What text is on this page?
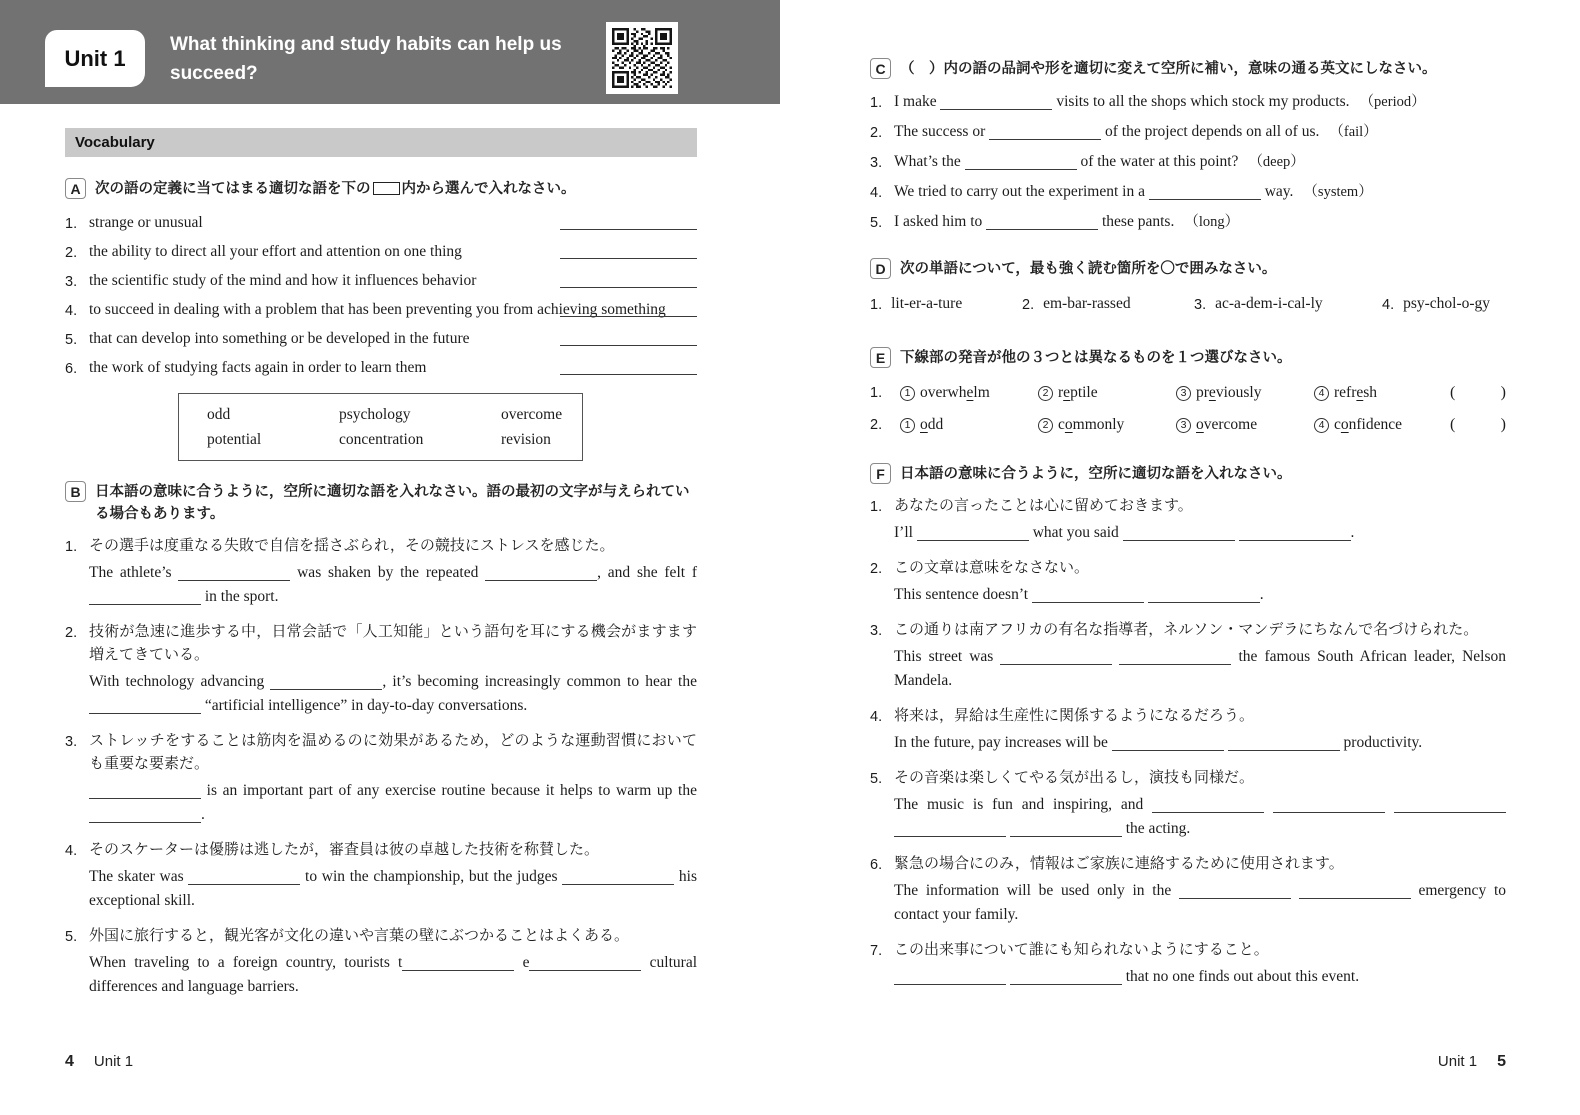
Unit 1
What thinking and study habits can help us succeed?
Vocabulary
A 次の語の定義に当てはまる適切な語を下の 内から選んで入れなさい。
1. strange or unusual

2. the ability to direct all your effort and attention on one thing

3. the scientific study of the mind and how it influences behavior

4. to succeed in dealing with a problem that has been preventing you from achieving something

5. that can develop into something or be developed in the future

6. the work of studying facts again in order to learn them

odd	psychology	overcome
potential	concentration	revision
B 日本語の意味に合うように，空所に適切な語を入れなさい。語の最初の文字が与えられている場合もあります。
1. その選手は度重なる失敗で自信を揺さぶられ，その競技にストレスを感じた。

The athlete’s	was shaken by the repeated	, and she felt f in the sport.

2. 技術が急速に進歩する中，日常会話で「人工知能」という語句を耳にする機会がますます増えてきている。

With technology advancing	, it’s becoming increasingly common to hear the  “artificial intelligence” in day-to-day conversations.

3. ストレッチをすることは筋肉を温めるのに効果があるため，どのような運動習慣においても重要な要素だ。

is an important part of any exercise routine because it helps to warm up the .

4. そのスケーターは優勝は逃したが，審査員は彼の卓越した技術を称賛した。

The skater was	to win the championship, but the judges	his exceptional skill.

5. 外国に旅行すると，観光客が文化の違いや言葉の壁にぶつかることはよくある。

When traveling to a foreign country, tourists t	e	cultural differences and language barriers.

C （　）内の語の品詞や形を適切に変えて空所に補い，意味の通る英文にしなさい。
1. I make	visits to all the shops which stock my products. （period）
2. The success or	of the project depends on all of us. （fail）
3. What’s the	of the water at this point? （deep）
4. We tried to carry out the experiment in a	way. （system）
5. I asked him to	these pants. （long）
D 次の単語について，最も強く読む箇所を〇で囲みなさい。
1. lit-er-a-ture	2. em-bar-rassed	3. ac-a-dem-i-cal-ly	4. psy-chol-o-gy
E	下線部の発音が他の３つとは異なるものを１つ選びなさい。
1.	1 overwhelm	2 reptile	3 previously	4 refresh	(	)
2.	1 odd	2 commonly	3 overcome	4 confidence	(	)
F	日本語の意味に合うように，空所に適切な語を入れなさい。
1. あなたの言ったことは心に留めておきます。

I’ll	what you said	.

2. この文章は意味をなさない。

This sentence doesn’t	.

3. この通りは南アフリカの有名な指導者，ネルソン・マンデラにちなんで名づけられた。

This street was	the famous South African leader, Nelson Mandela.

4. 将来は，昇給は生産性に関係するようになるだろう。

In the future, pay increases will be	productivity.

5. その音楽は楽しくてやる気が出るし，演技も同様だ。

The music is fun and inspiring, and      the acting.

6. 緊急の場合にのみ，情報はご家族に連絡するために使用されます。

The information will be used only in the	emergency to contact your family.

7. この出来事について誰にも知られないようにすること。

that no one finds out about this event.

4 Unit 1	Unit 1 5
